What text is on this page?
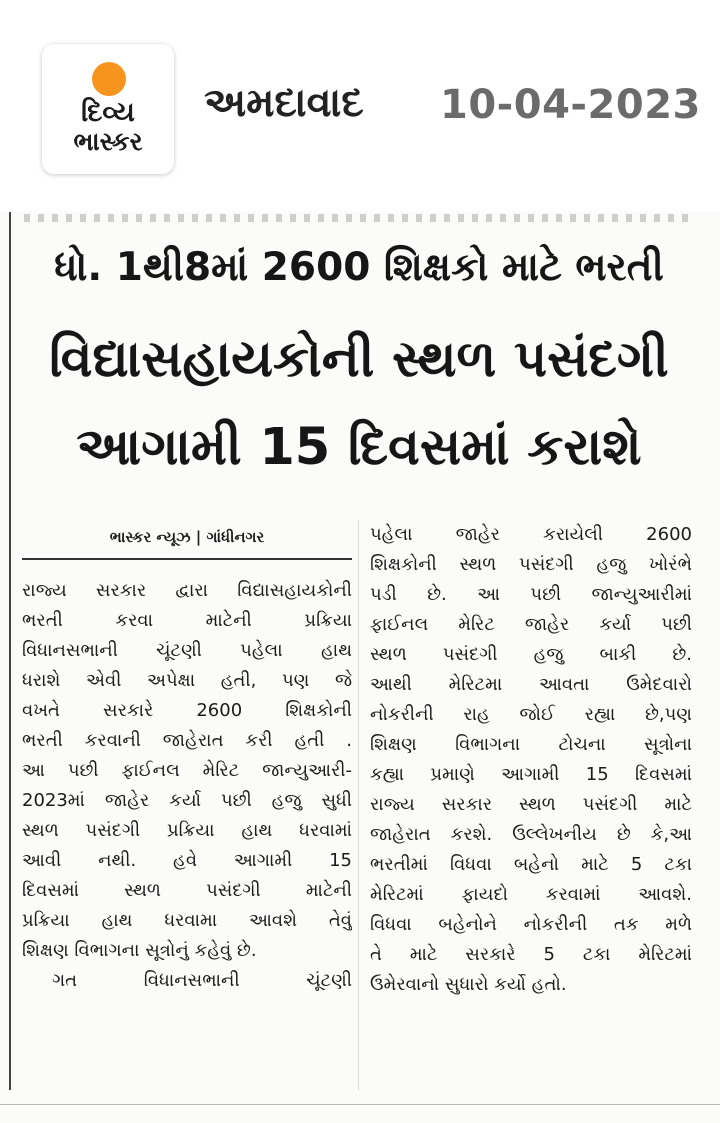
દિવ્ય
ભાસ્કર
અમદાવાદ 10-04-2023
ધો. 1થી8માં 2600 શિક્ષકો માટે ભરતી
વિદ્યાસહાયકોની સ્થળ પસંદગી
આગામી 15 દિવસમાં કરાશે
ભાસ્કર ન્યૂઝ | ગાંધીનગર
રાજ્ય સરકાર દ્વારા વિદ્યાસહાયકોની
ભરતી કરવા માટેની પ્રક્રિયા
વિધાનસભાની ચૂંટણી પહેલા હાથ
ધરાશે એવી અપેક્ષા હતી, પણ જે
વખતે સરકારે 2600 શિક્ષકોની
ભરતી કરવાની જાહેરાત કરી હતી .
આ પછી ફાઈનલ મેરિટ જાન્યુઆરી-
2023માં જાહેર કર્યા પછી હજુ સુધી
સ્થળ પસંદગી પ્રક્રિયા હાથ ધરવામાં
આવી નથી. હવે આગામી 15
દિવસમાં સ્થળ પસંદગી માટેની
પ્રક્રિયા હાથ ધરવામા આવશે તેવું
શિક્ષણ વિભાગના સૂત્રોનું કહેવું છે.
ગત વિધાનસભાની ચૂંટણી
પહેલા જાહેર કરાયેલી 2600
શિક્ષકોની સ્થળ પસંદગી હજુ ખોરંભે
પડી છે. આ પછી જાન્યુઆરીમાં
ફાઈનલ મેરિટ જાહેર કર્યા પછી
સ્થળ પસંદગી હજુ બાકી છે.
આથી મેરિટમા આવતા ઉમેદવારો
નોકરીની રાહ જોઈ રહ્યા છે,પણ
શિક્ષણ વિભાગના ટોચના સૂત્રોના
કહ્યા પ્રમાણે આગામી 15 દિવસમાં
રાજ્ય સરકાર સ્થળ પસંદગી માટે
જાહેરાત કરશે. ઉલ્લેખનીય છે કે,આ
ભરતીમાં વિધવા બહેનો માટે 5 ટકા
મેરિટમાં ફાયદો કરવામાં આવશે.
વિધવા બહેનોને નોકરીની તક મળે
તે માટે સરકારે 5 ટકા મેરિટમાં
ઉમેરવાનો સુધારો કર્યો હતો.
